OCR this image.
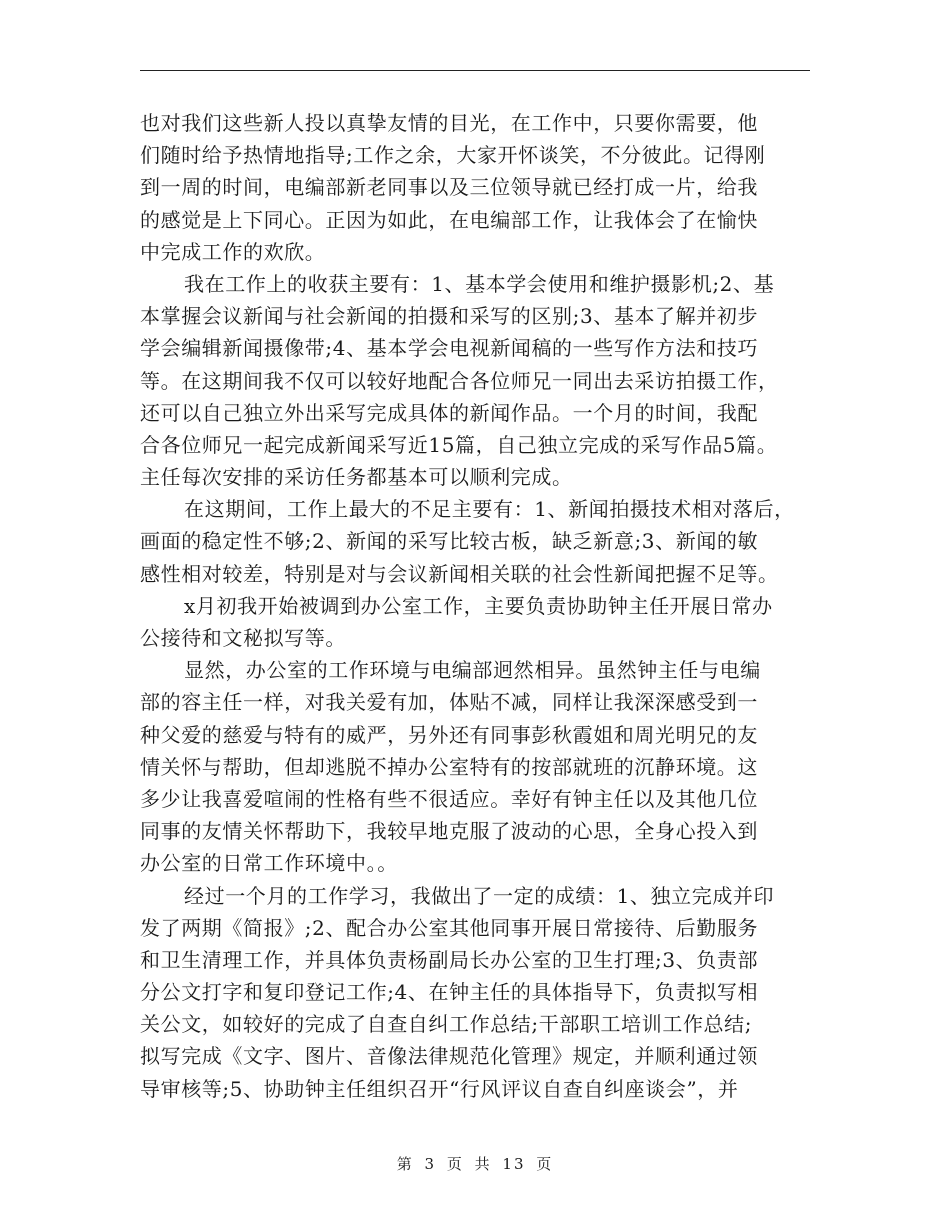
也对我们这些新人投以真挚友情的目光，在工作中，只要你需要，他
们随时给予热情地指导;工作之余，大家开怀谈笑，不分彼此。记得刚
到一周的时间，电编部新老同事以及三位领导就已经打成一片，给我
的感觉是上下同心。正因为如此，在电编部工作，让我体会了在愉快
中完成工作的欢欣。
我在工作上的收获主要有：1、基本学会使用和维护摄影机;2、基
本掌握会议新闻与社会新闻的拍摄和采写的区别;3、基本了解并初步
学会编辑新闻摄像带;4、基本学会电视新闻稿的一些写作方法和技巧
等。在这期间我不仅可以较好地配合各位师兄一同出去采访拍摄工作，
还可以自己独立外出采写完成具体的新闻作品。一个月的时间，我配
合各位师兄一起完成新闻采写近15篇，自己独立完成的采写作品5篇。
主任每次安排的采访任务都基本可以顺利完成。
在这期间，工作上最大的不足主要有：1、新闻拍摄技术相对落后，
画面的稳定性不够;2、新闻的采写比较古板，缺乏新意;3、新闻的敏
感性相对较差，特别是对与会议新闻相关联的社会性新闻把握不足等。
x月初我开始被调到办公室工作，主要负责协助钟主任开展日常办
公接待和文秘拟写等。
显然，办公室的工作环境与电编部迥然相异。虽然钟主任与电编
部的容主任一样，对我关爱有加，体贴不减，同样让我深深感受到一
种父爱的慈爱与特有的威严，另外还有同事彭秋霞姐和周光明兄的友
情关怀与帮助，但却逃脱不掉办公室特有的按部就班的沉静环境。这
多少让我喜爱喧闹的性格有些不很适应。幸好有钟主任以及其他几位
同事的友情关怀帮助下，我较早地克服了波动的心思，全身心投入到
办公室的日常工作环境中。。
经过一个月的工作学习，我做出了一定的成绩：1、独立完成并印
发了两期《简报》;2、配合办公室其他同事开展日常接待、后勤服务
和卫生清理工作，并具体负责杨副局长办公室的卫生打理;3、负责部
分公文打字和复印登记工作;4、在钟主任的具体指导下，负责拟写相
关公文，如较好的完成了自查自纠工作总结;干部职工培训工作总结;
拟写完成《文字、图片、音像法律规范化管理》规定，并顺利通过领
导审核等;5、协助钟主任组织召开“行风评议自查自纠座谈会”，并
第 3 页 共 13 页
